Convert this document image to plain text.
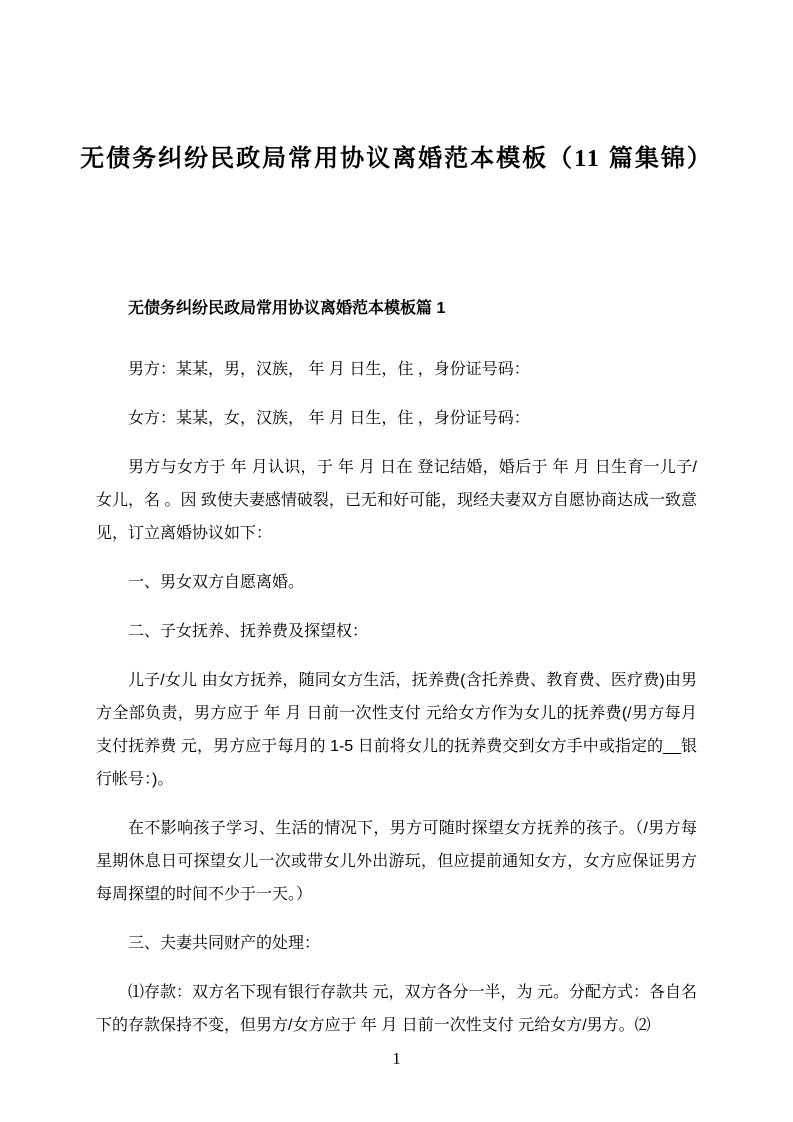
无债务纠纷民政局常用协议离婚范本模板（11 篇集锦）
无债务纠纷民政局常用协议离婚范本模板篇 1

男方：某某，男，汉族， 年 月 日生，住 ，身份证号码：

女方：某某，女，汉族， 年 月 日生，住 ，身份证号码：

男方与女方于 年 月认识，于 年 月 日在 登记结婚，婚后于 年 月 日生育一儿子/女儿，名 。因 致使夫妻感情破裂，已无和好可能，现经夫妻双方自愿协商达成一致意见，订立离婚协议如下：

一、男女双方自愿离婚。

二、子女抚养、抚养费及探望权：

儿子/女儿 由女方抚养，随同女方生活，抚养费(含托养费、教育费、医疗费)由男方全部负责，男方应于 年 月 日前一次性支付 元给女方作为女儿的抚养费(/男方每月支付抚养费 元，男方应于每月的 1-5 日前将女儿的抚养费交到女方手中或指定的__银行帐号：)。

在不影响孩子学习、生活的情况下，男方可随时探望女方抚养的孩子。（/男方每星期休息日可探望女儿一次或带女儿外出游玩，但应提前通知女方，女方应保证男方每周探望的时间不少于一天。）

三、夫妻共同财产的处理：

⑴存款：双方名下现有银行存款共 元，双方各分一半，为 元。分配方式：各自名下的存款保持不变，但男方/女方应于 年 月 日前一次性支付 元给女方/男方。⑵

1
